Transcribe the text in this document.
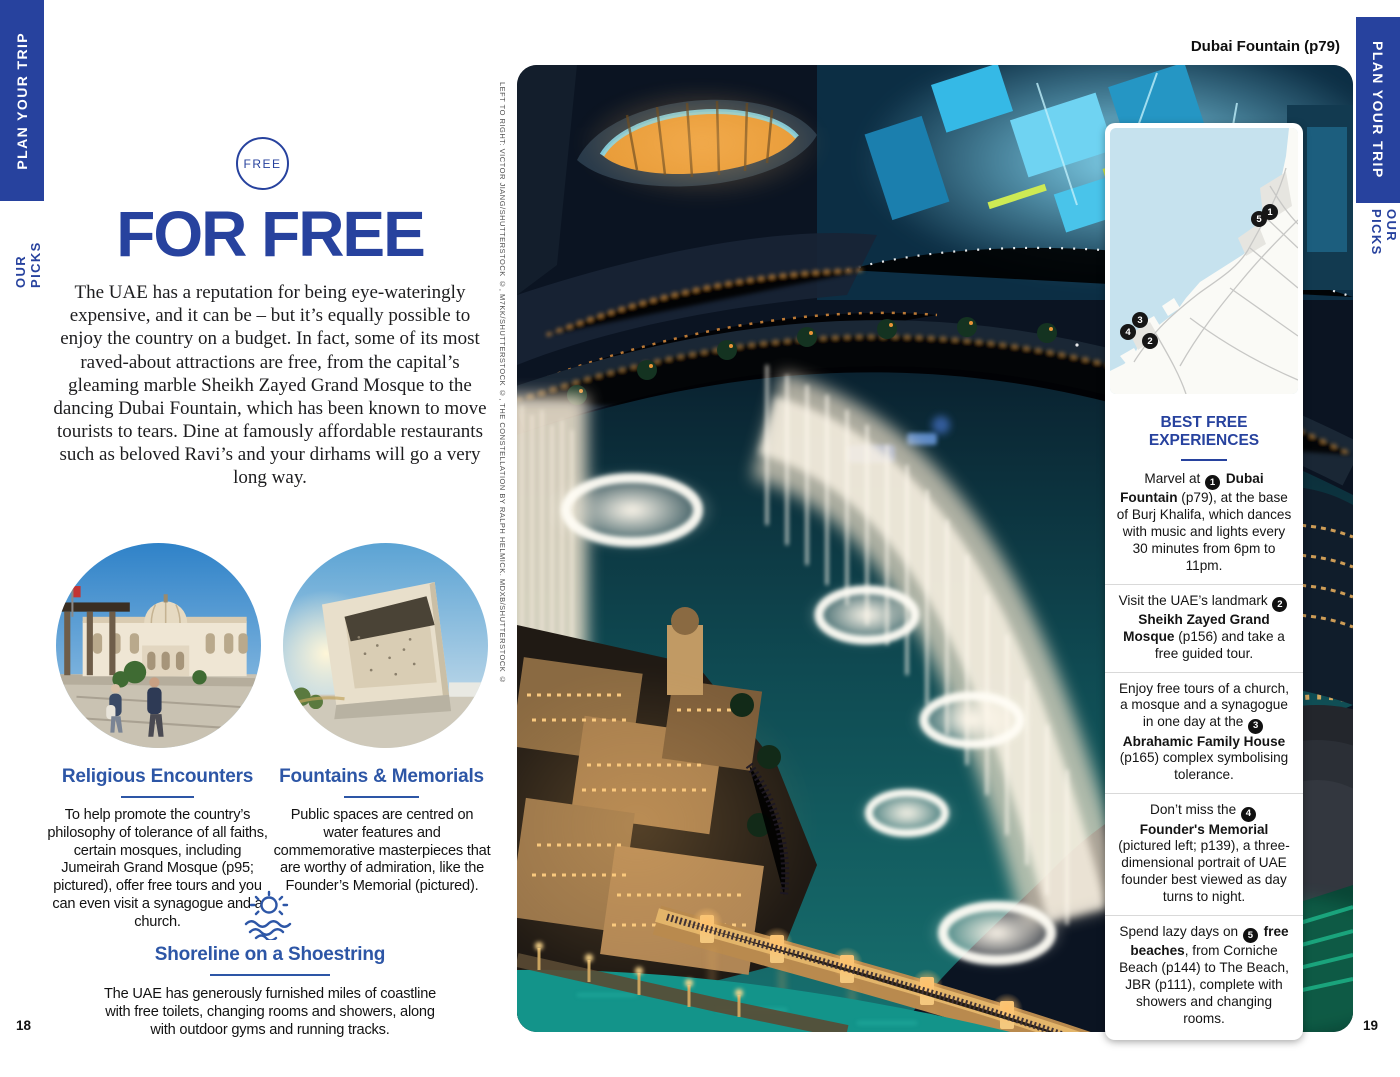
PLAN YOUR TRIP
OUR PICKS
PLAN YOUR TRIP
OUR PICKS
FREE
FOR FREE
The UAE has a reputation for being eye-wateringly expensive, and it can be – but it’s equally possible to enjoy the country on a budget. In fact, some of its most raved-about attractions are free, from the capital’s gleaming marble Sheikh Zayed Grand Mosque to the dancing Dubai Fountain, which has been known to move tourists to tears. Dine at famously affordable restaurants such as beloved Ravi’s and your dirhams will go a very long way.
Religious Encounters
To help promote the country’s philosophy of tolerance of all faiths, certain mosques, including Jumeirah Grand Mosque (p95; pictured), offer free tours and you can even visit a synagogue and a church.
Fountains & Memorials
Public spaces are centred on water features and commemorative masterpieces that are worthy of admiration, like the Founder’s Memorial (pictured).
Shoreline on a Shoestring
The UAE has generously furnished miles of coastline with free toilets, changing rooms and showers, along with outdoor gyms and running tracks.
18	19
Dubai Fountain (p79)
LEFT TO RIGHT: VICTOR JIANG/SHUTTERSTOCK ©, M7KK/SHUTTERSTOCK ©, THE CONSTELLATION BY RALPH HELMICK. MDXB/SHUTTERSTOCK ©	1
5
3
4
2
BEST FREE EXPERIENCES
Marvel at 1 Dubai Fountain (p79), at the base of Burj Khalifa, which dances with music and lights every 30 minutes from 6pm to 11pm.
Visit the UAE’s landmark 2 Sheikh Zayed Grand Mosque (p156) and take a free guided tour.
Enjoy free tours of a church, a mosque and a synagogue in one day at the 3 Abrahamic Family House (p165) complex symbolising tolerance.
Don’t miss the 4 Founder's Memorial (pictured left; p139), a three-dimensional portrait of UAE founder best viewed as day turns to night.
Spend lazy days on 5 free beaches, from Corniche Beach (p144) to The Beach, JBR (p111), complete with showers and changing rooms.
